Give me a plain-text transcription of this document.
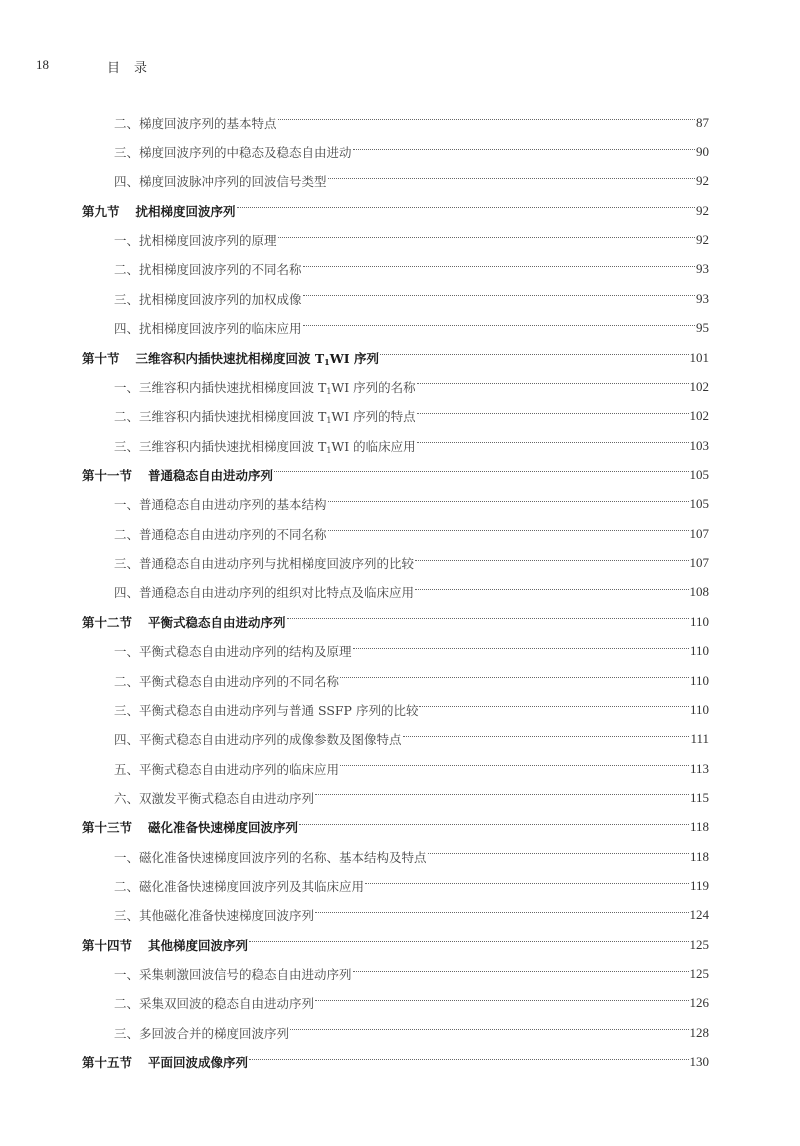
18	目录
二、梯度回波序列的基本特点	87
三、梯度回波序列的中稳态及稳态自由进动	90
四、梯度回波脉冲序列的回波信号类型	92
第九节 扰相梯度回波序列	92
一、扰相梯度回波序列的原理	92
二、扰相梯度回波序列的不同名称	93
三、扰相梯度回波序列的加权成像	93
四、扰相梯度回波序列的临床应用	95
第十节 三维容积内插快速扰相梯度回波 $T_1WI$ 序列	101
一、三维容积内插快速扰相梯度回波 $T_1WI$ 序列的名称	102
二、三维容积内插快速扰相梯度回波 $T_1WI$ 序列的特点	102
三、三维容积内插快速扰相梯度回波 $T_1WI$ 的临床应用	103
第十一节 普通稳态自由进动序列	105
一、普通稳态自由进动序列的基本结构	105
二、普通稳态自由进动序列的不同名称	107
三、普通稳态自由进动序列与扰相梯度回波序列的比较	107
四、普通稳态自由进动序列的组织对比特点及临床应用	108
第十二节 平衡式稳态自由进动序列	110
一、平衡式稳态自由进动序列的结构及原理	110
二、平衡式稳态自由进动序列的不同名称	110
三、平衡式稳态自由进动序列与普通 SSFP 序列的比较	110
四、平衡式稳态自由进动序列的成像参数及图像特点	111
五、平衡式稳态自由进动序列的临床应用	113
六、双激发平衡式稳态自由进动序列	115
第十三节 磁化准备快速梯度回波序列	118
一、磁化准备快速梯度回波序列的名称、基本结构及特点	118
二、磁化准备快速梯度回波序列及其临床应用	119
三、其他磁化准备快速梯度回波序列	124
第十四节 其他梯度回波序列	125
一、采集刺激回波信号的稳态自由进动序列	125
二、采集双回波的稳态自由进动序列	126
三、多回波合并的梯度回波序列	128
第十五节 平面回波成像序列	130
